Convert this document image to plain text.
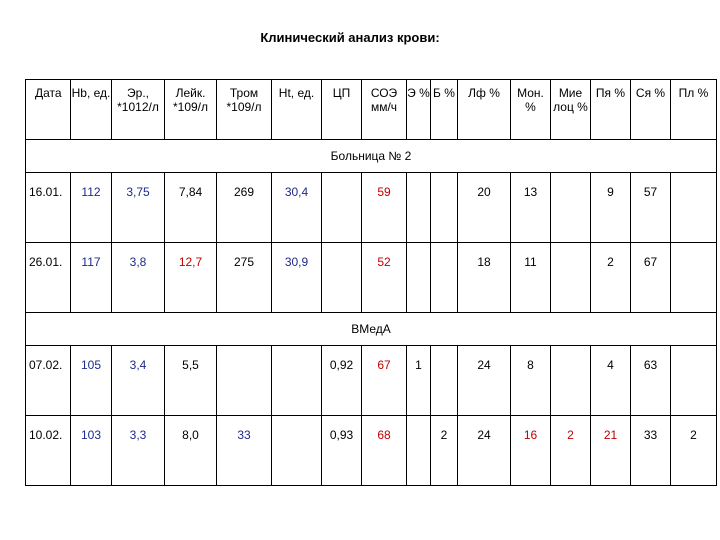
Клинический анализ крови:
Дата	Hb, ед.	Эр., *1012/л	Лейк. *109/л	Тром *109/л	Ht, ед.	ЦП	СОЭ мм/ч	Э %	Б %	Лф %	Мон. %	Мие лоц %	Пя %	Ся %	Пл %
Больница № 2															
16.01.	112	3,75	7,84	269	30,4		59			20	13		9	57	
26.01.	117	3,8	12,7	275	30,9		52			18	11		2	67	
ВМедА															
07.02.	105	3,4	5,5			0,92	67	1		24	8		4	63	
10.02.	103	3,3	8,0	33		0,93	68		2	24	16	2	21	33	2
